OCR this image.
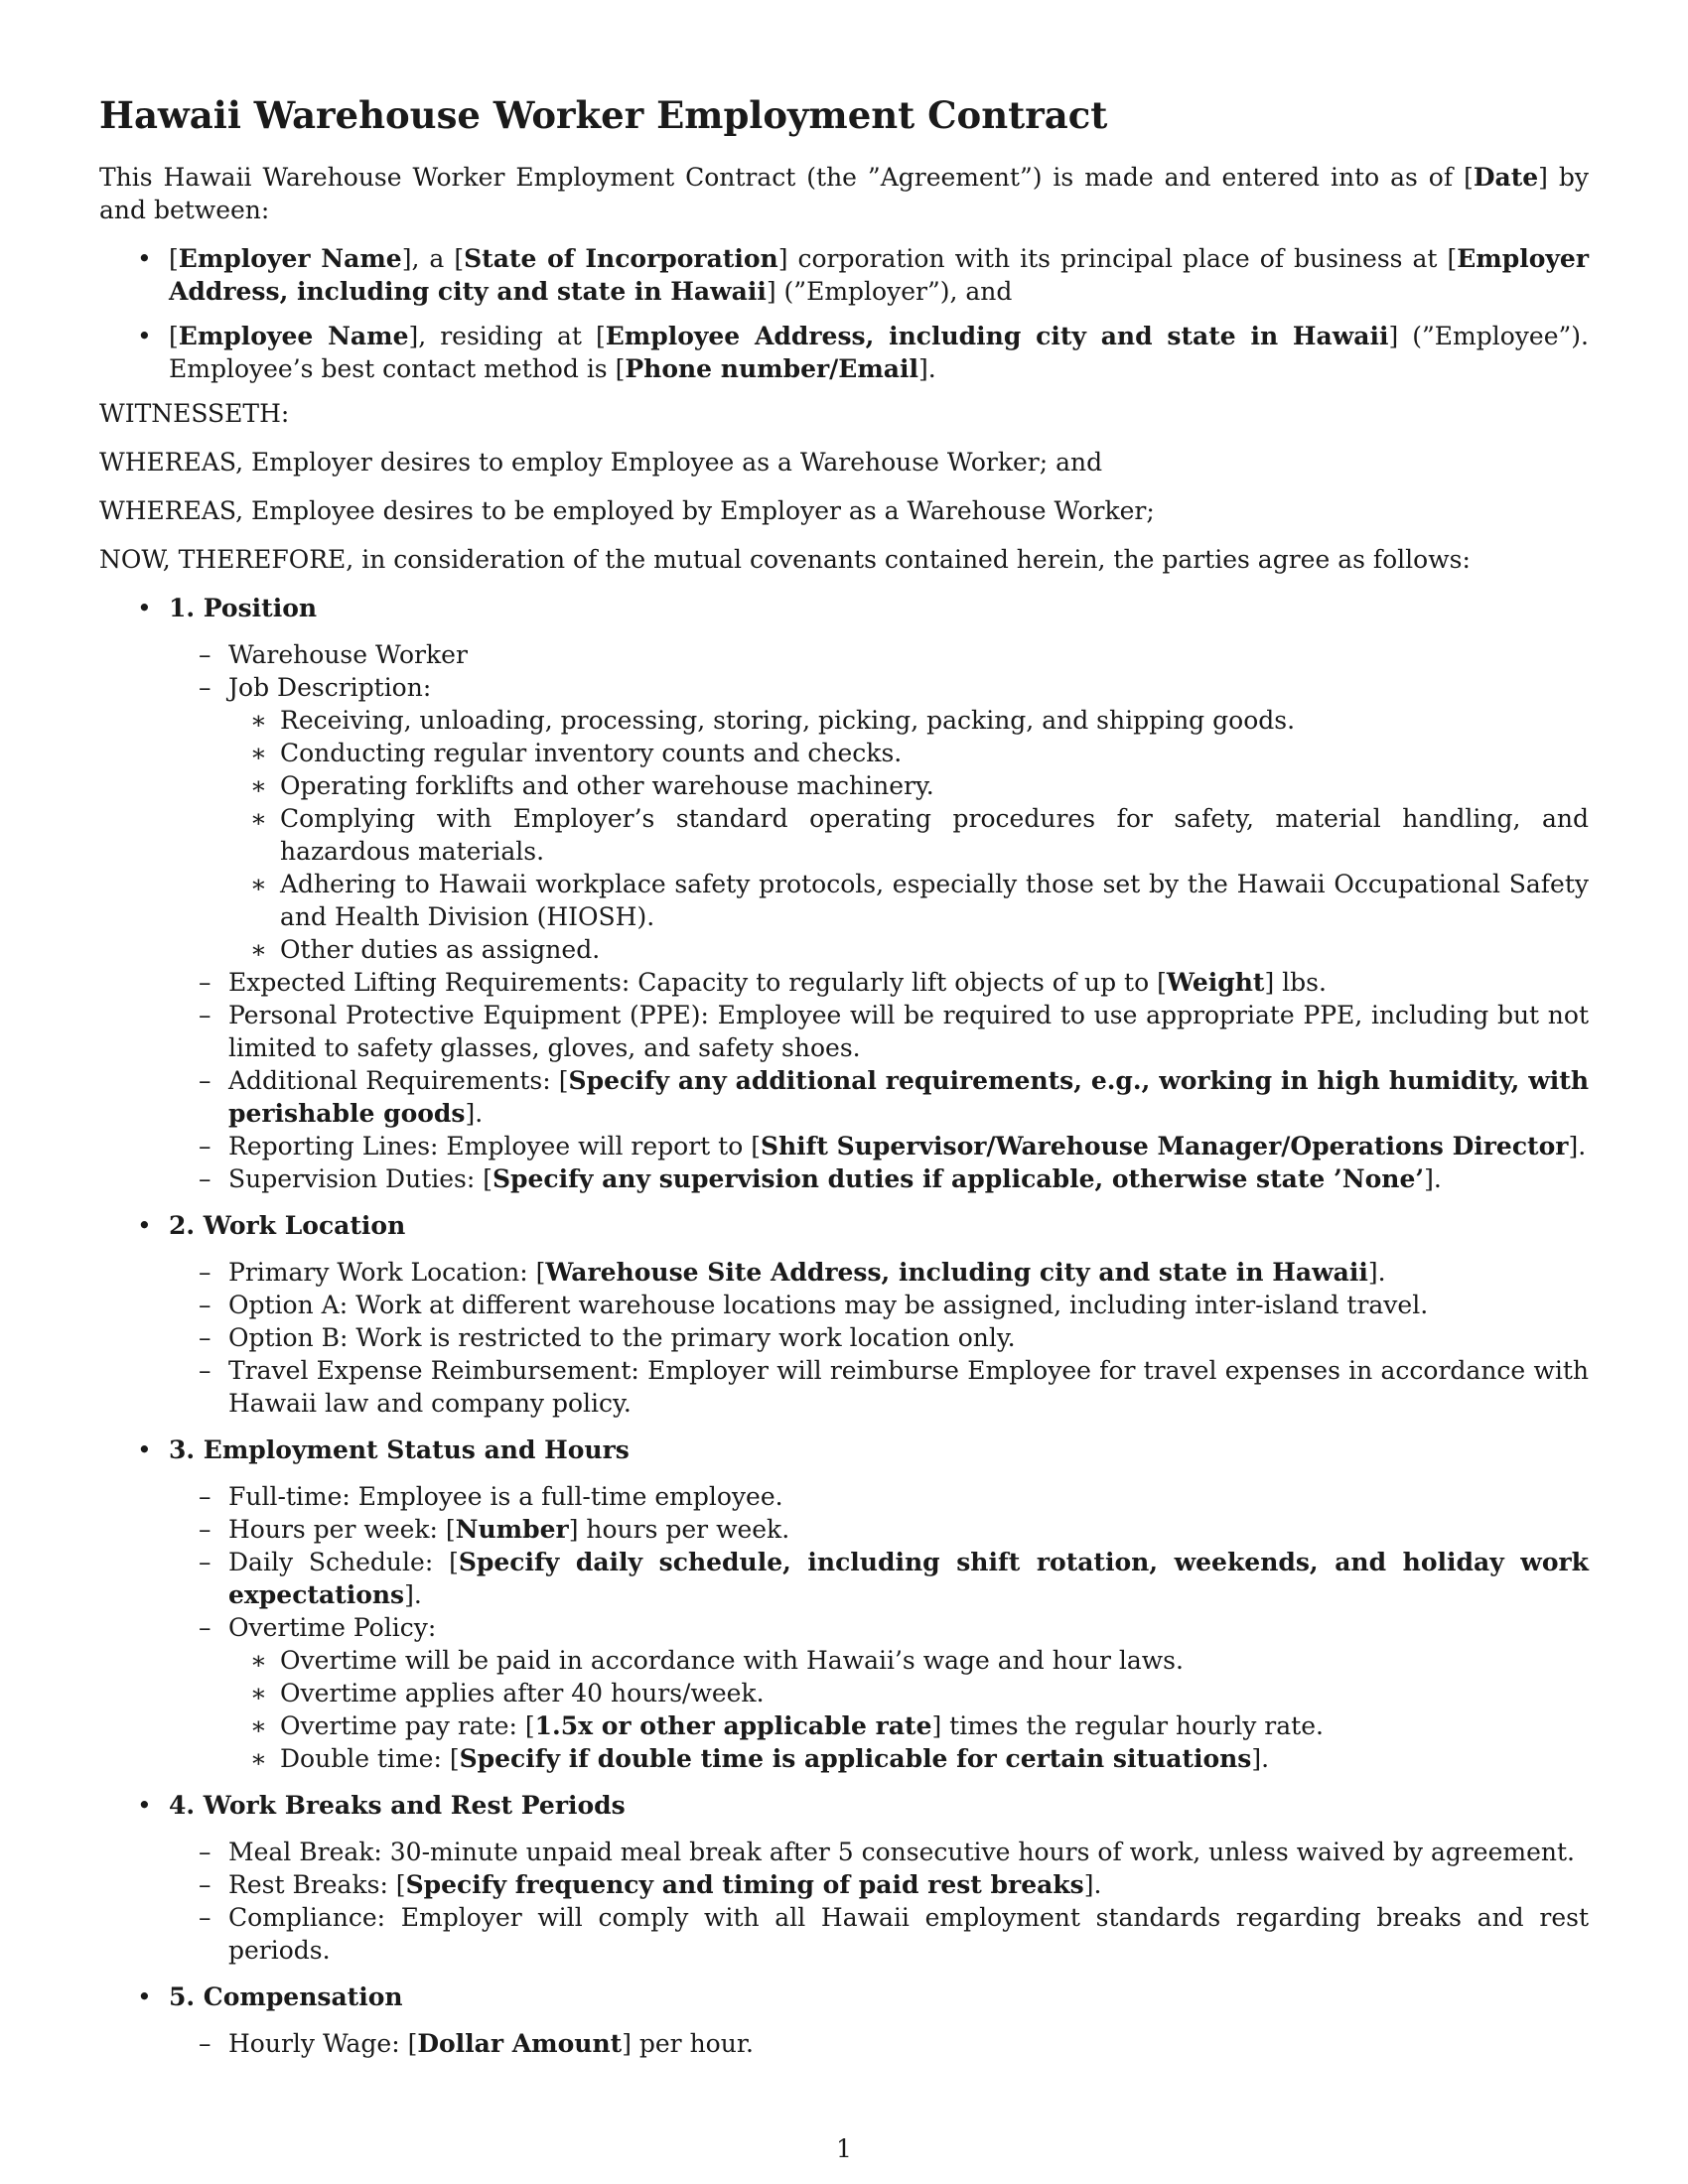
Hawaii Warehouse Worker Employment Contract

This Hawaii Warehouse Worker Employment Contract (the ”Agreement”) is made and entered into as of [Date] by and between:

• [Employer Name], a [State of Incorporation] corporation with its principal place of business at [Employer Address, including city and state in Hawaii] (”Employer”), and
• [Employee Name], residing at [Employee Address, including city and state in Hawaii] (”Employee”). Employee’s best contact method is [Phone number/Email].

WITNESSETH:

WHEREAS, Employer desires to employ Employee as a Warehouse Worker; and

WHEREAS, Employee desires to be employed by Employer as a Warehouse Worker;

NOW, THEREFORE, in consideration of the mutual covenants contained herein, the parties agree as follows:

• 1. Position
– Warehouse Worker
– Job Description:
∗ Receiving, unloading, processing, storing, picking, packing, and shipping goods.
∗ Conducting regular inventory counts and checks.
∗ Operating forklifts and other warehouse machinery.
∗ Complying with Employer’s standard operating procedures for safety, material handling, and hazardous materials.
∗ Adhering to Hawaii workplace safety protocols, especially those set by the Hawaii Occupational Safety and Health Division (HIOSH).
∗ Other duties as assigned.
– Expected Lifting Requirements: Capacity to regularly lift objects of up to [Weight] lbs.
– Personal Protective Equipment (PPE): Employee will be required to use appropriate PPE, including but not limited to safety glasses, gloves, and safety shoes.
– Additional Requirements: [Specify any additional requirements, e.g., working in high humidity, with perishable goods].
– Reporting Lines: Employee will report to [Shift Supervisor/Warehouse Manager/Operations Director].
– Supervision Duties: [Specify any supervision duties if applicable, otherwise state ’None’].
• 2. Work Location
– Primary Work Location: [Warehouse Site Address, including city and state in Hawaii].
– Option A: Work at different warehouse locations may be assigned, including inter-island travel.
– Option B: Work is restricted to the primary work location only.
– Travel Expense Reimbursement: Employer will reimburse Employee for travel expenses in accordance with Hawaii law and company policy.
• 3. Employment Status and Hours
– Full-time: Employee is a full-time employee.
– Hours per week: [Number] hours per week.
– Daily Schedule: [Specify daily schedule, including shift rotation, weekends, and holiday work expectations].
– Overtime Policy:
∗ Overtime will be paid in accordance with Hawaii’s wage and hour laws.
∗ Overtime applies after 40 hours/week.
∗ Overtime pay rate: [1.5x or other applicable rate] times the regular hourly rate.
∗ Double time: [Specify if double time is applicable for certain situations].
• 4. Work Breaks and Rest Periods
– Meal Break: 30-minute unpaid meal break after 5 consecutive hours of work, unless waived by agreement.
– Rest Breaks: [Specify frequency and timing of paid rest breaks].
– Compliance: Employer will comply with all Hawaii employment standards regarding breaks and rest periods.
• 5. Compensation
– Hourly Wage: [Dollar Amount] per hour.
1
